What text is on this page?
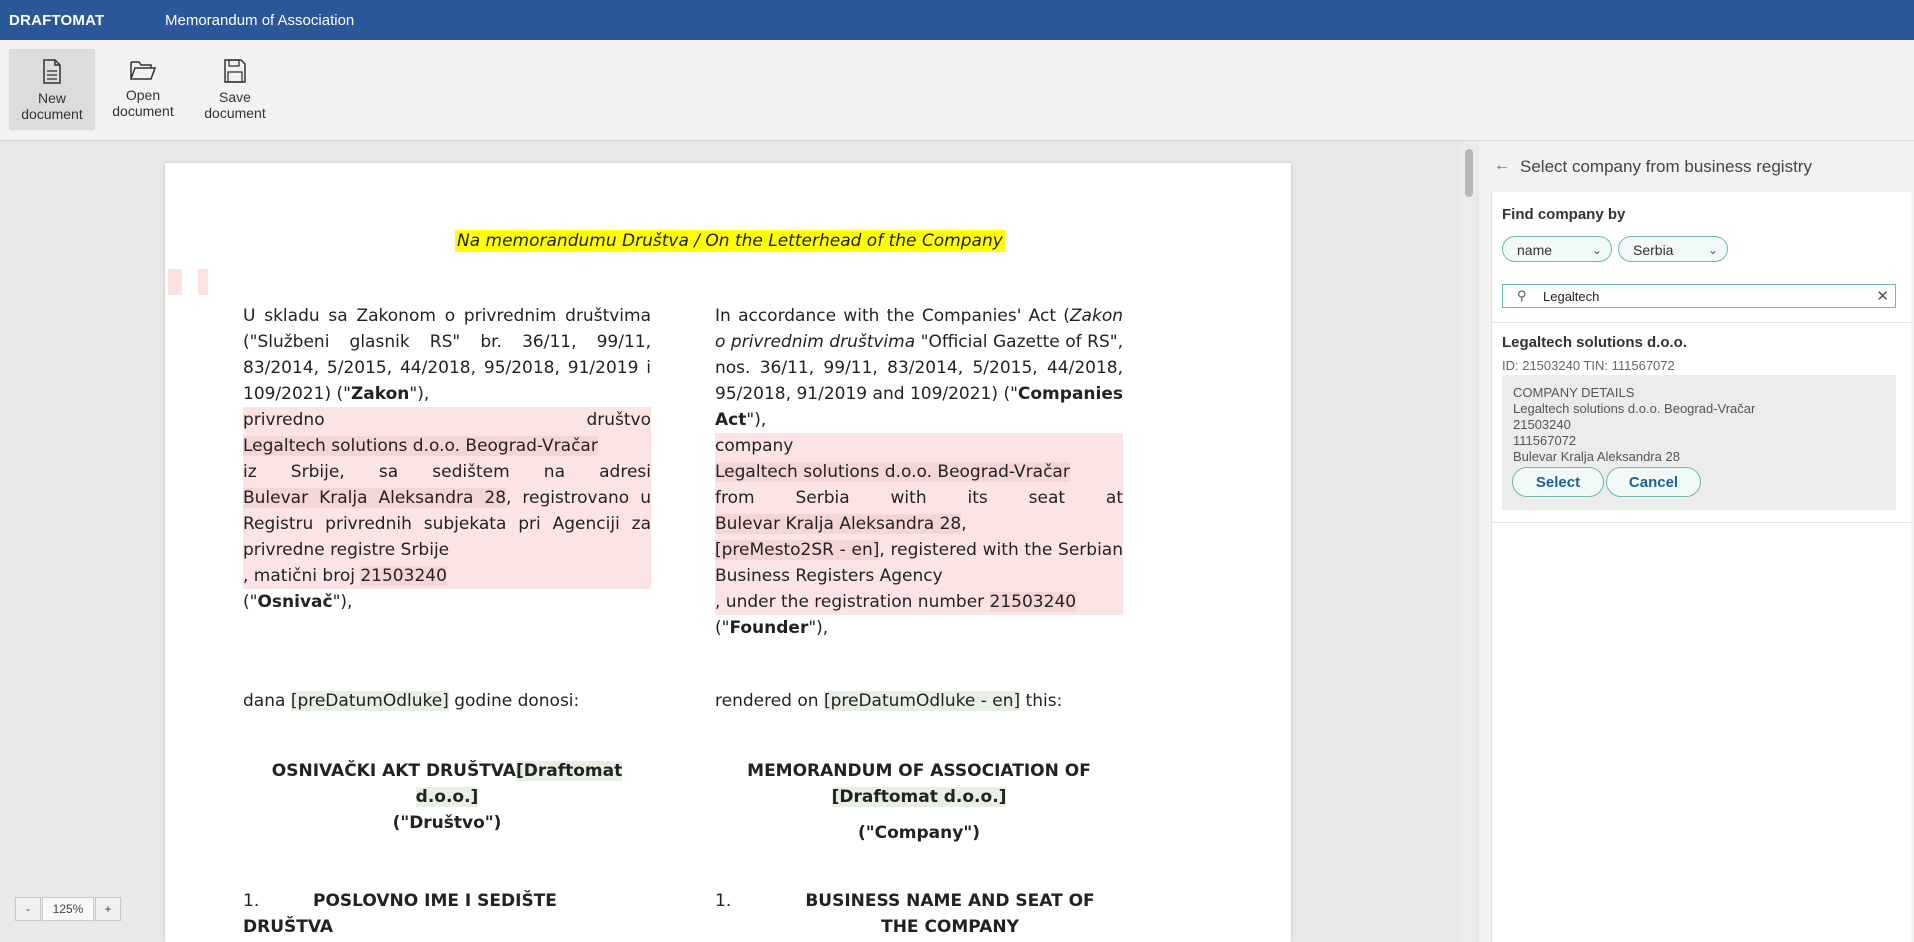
DRAFTOMAT	Memorandum of Association
New
document
Open
document
Save
document
Na memorandumu Društva / On the Letterhead of the Company
U skladu sa Zakonom o privrednim društvima ("Službeni glasnik RS" br. 36/11, 99/11, 83/2014, 5/2015, 44/2018, 95/2018, 91/2019 i 109/2021) ("Zakon"),
privredno društvo
Legaltech solutions d.o.o. Beograd-Vračar
iz Srbije, sa sedištem na adresi
Bulevar Kralja Aleksandra 28, registrovano u Registru privrednih subjekata pri Agenciji za privredne registre Srbije
, matični broj 21503240
("Osnivač"),
dana [preDatumOdluke] godine donosi:
OSNIVAČKI AKT DRUŠTVA[Draftomat d.o.o.]
("Društvo")
1.	POSLOVNO IME I SEDIŠTE DRUŠTVA
In accordance with the Companies' Act (Zakon o privrednim društvima "Official Gazette of RS", nos. 36/11, 99/11, 83/2014, 5/2015, 44/2018, 95/2018, 91/2019 and 109/2021) ("Companies Act"),
company
Legaltech solutions d.o.o. Beograd-Vračar
from Serbia with its seat at
Bulevar Kralja Aleksandra 28,
[preMesto2SR - en], registered with the Serbian Business Registers Agency
, under the registration number 21503240
("Founder"),
rendered on [preDatumOdluke - en] this:
MEMORANDUM OF ASSOCIATION OF
[Draftomat d.o.o.]
("Company")
1.	BUSINESS NAME AND SEAT OF THE COMPANY
-	125%	+
← Select company from business registry
Find company by
name	⌄	Serbia	⌄
⚲ Legaltech	✕
Legaltech solutions d.o.o.
ID: 21503240 TIN: 111567072
COMPANY DETAILS
Legaltech solutions d.o.o. Beograd-Vračar
21503240
111567072
Bulevar Kralja Aleksandra 28
Select	Cancel
